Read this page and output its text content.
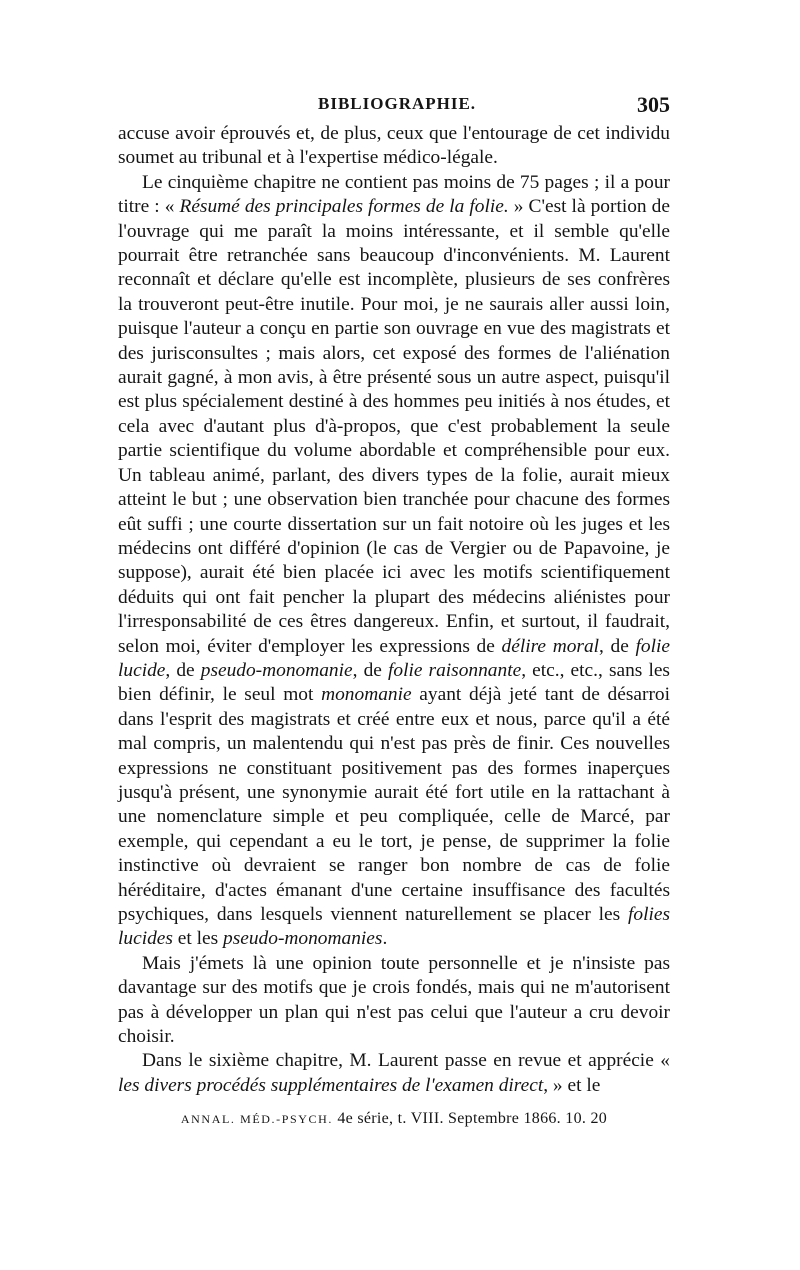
BIBLIOGRAPHIE.	305

accuse avoir éprouvés et, de plus, ceux que l'entourage de cet individu soumet au tribunal et à l'expertise médico-légale.

Le cinquième chapitre ne contient pas moins de 75 pages ; il a pour titre : « Résumé des principales formes de la folie. » C'est là portion de l'ouvrage qui me paraît la moins intéressante, et il semble qu'elle pourrait être retranchée sans beaucoup d'inconvénients. M. Laurent reconnaît et déclare qu'elle est incomplète, plusieurs de ses confrères la trouveront peut-être inutile. Pour moi, je ne saurais aller aussi loin, puisque l'auteur a conçu en partie son ouvrage en vue des magistrats et des jurisconsultes ; mais alors, cet exposé des formes de l'aliénation aurait gagné, à mon avis, à être présenté sous un autre aspect, puisqu'il est plus spécialement destiné à des hommes peu initiés à nos études, et cela avec d'autant plus d'à-propos, que c'est probablement la seule partie scientifique du volume abordable et compréhensible pour eux. Un tableau animé, parlant, des divers types de la folie, aurait mieux atteint le but ; une observation bien tranchée pour chacune des formes eût suffi ; une courte dissertation sur un fait notoire où les juges et les médecins ont différé d'opinion (le cas de Vergier ou de Papavoine, je suppose), aurait été bien placée ici avec les motifs scientifiquement déduits qui ont fait pencher la plupart des médecins aliénistes pour l'irresponsabilité de ces êtres dangereux. Enfin, et surtout, il faudrait, selon moi, éviter d'employer les expressions de délire moral, de folie lucide, de pseudo-monomanie, de folie raisonnante, etc., etc., sans les bien définir, le seul mot monomanie ayant déjà jeté tant de désarroi dans l'esprit des magistrats et créé entre eux et nous, parce qu'il a été mal compris, un malentendu qui n'est pas près de finir. Ces nouvelles expressions ne constituant positivement pas des formes inaperçues jusqu'à présent, une synonymie aurait été fort utile en la rattachant à une nomenclature simple et peu compliquée, celle de Marcé, par exemple, qui cependant a eu le tort, je pense, de supprimer la folie instinctive où devraient se ranger bon nombre de cas de folie héréditaire, d'actes émanant d'une certaine insuffisance des facultés psychiques, dans lesquels viennent naturellement se placer les folies lucides et les pseudo-monomanies.

Mais j'émets là une opinion toute personnelle et je n'insiste pas davantage sur des motifs que je crois fondés, mais qui ne m'autorisent pas à développer un plan qui n'est pas celui que l'auteur a cru devoir choisir.

Dans le sixième chapitre, M. Laurent passe en revue et apprécie « les divers procédés supplémentaires de l'examen direct, » et le

ANNAL. MÉD.-PSYCH. 4e série, t. VIII. Septembre 1866. 10. 20
